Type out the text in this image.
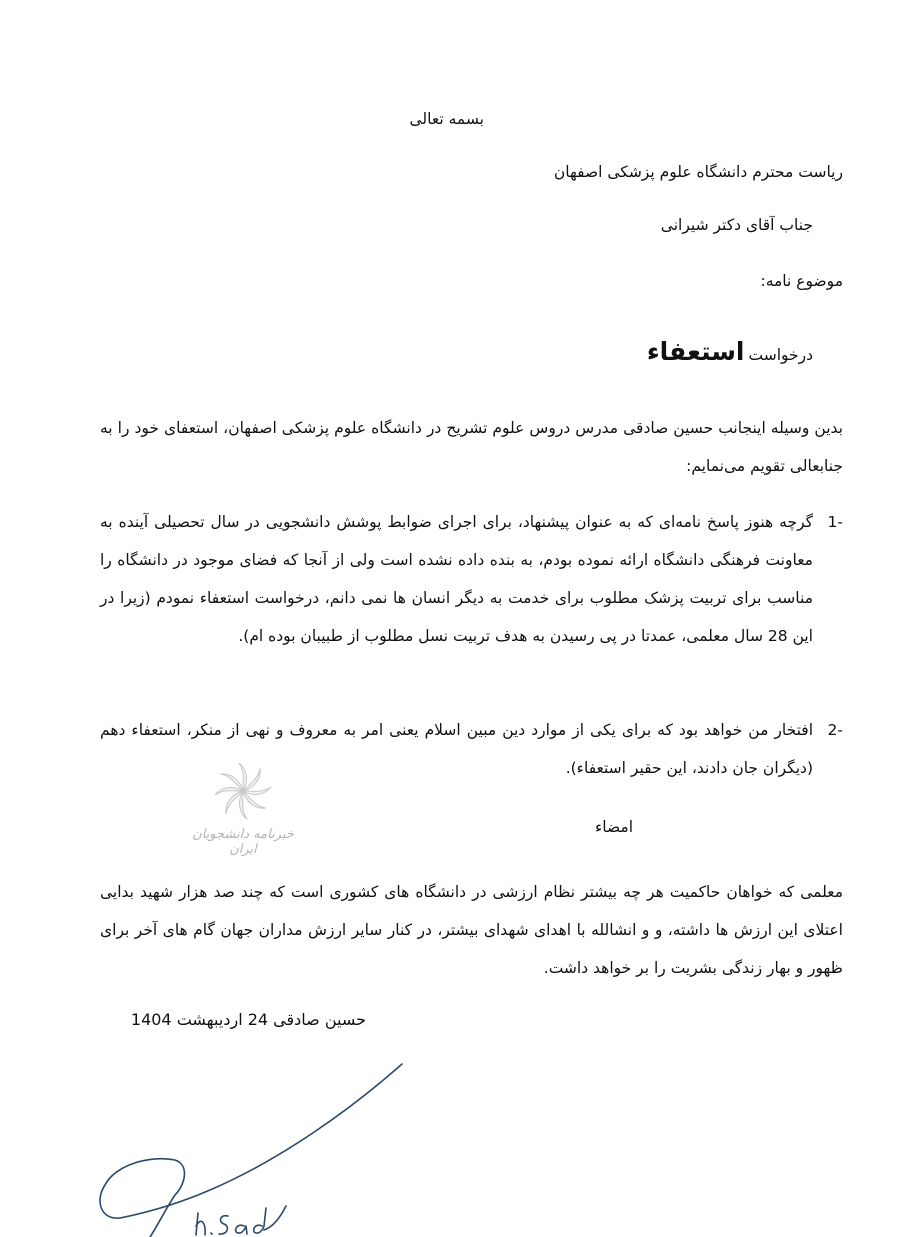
بسمه تعالی
ریاست محترم دانشگاه علوم پزشکی اصفهان
جناب آقای دکتر شیرانی
موضوع نامه:
درخواست
استعفاء
بدین وسیله اینجانب حسین صادقی مدرس دروس علوم تشریح در دانشگاه علوم پزشکی اصفهان، استعفای خود را به جنابعالی تقویم می‌نمایم:
-1
گرچه هنوز پاسخ نامه‌ای که به عنوان پیشنهاد، برای اجرای ضوابط پوشش دانشجویی در سال تحصیلی آینده به معاونت فرهنگی دانشگاه ارائه نموده بودم، به بنده داده نشده است ولی از آنجا که فضای موجود در دانشگاه را مناسب برای تربیت پزشک مطلوب برای خدمت به دیگر انسان ها نمی دانم، درخواست استعفاء نمودم (زیرا در این 28 سال معلمی، عمدتا در پی رسیدن به هدف تربیت نسل مطلوب از طبیبان بوده ام).
-2
افتخار من خواهد بود که برای یکی از موارد دین مبین اسلام یعنی امر به معروف و نهی از منکر، استعفاء دهم (دیگران جان دادند، این حقیر استعفاء).
خبرنامه دانشجویان ایران
امضاء
معلمی که خواهان حاکمیت هر چه بیشتر نظام ارزشی در دانشگاه های کشوری است که چند صد هزار شهید بدایی اعتلای این ارزش ها داشته، و و انشالله با اهدای شهدای بیشتر، در کنار سایر ارزش مداران جهان گام های آخر برای ظهور و بهار زندگی بشریت را بر خواهد داشت.
حسین صادقی 24 اردیبهشت 1404
